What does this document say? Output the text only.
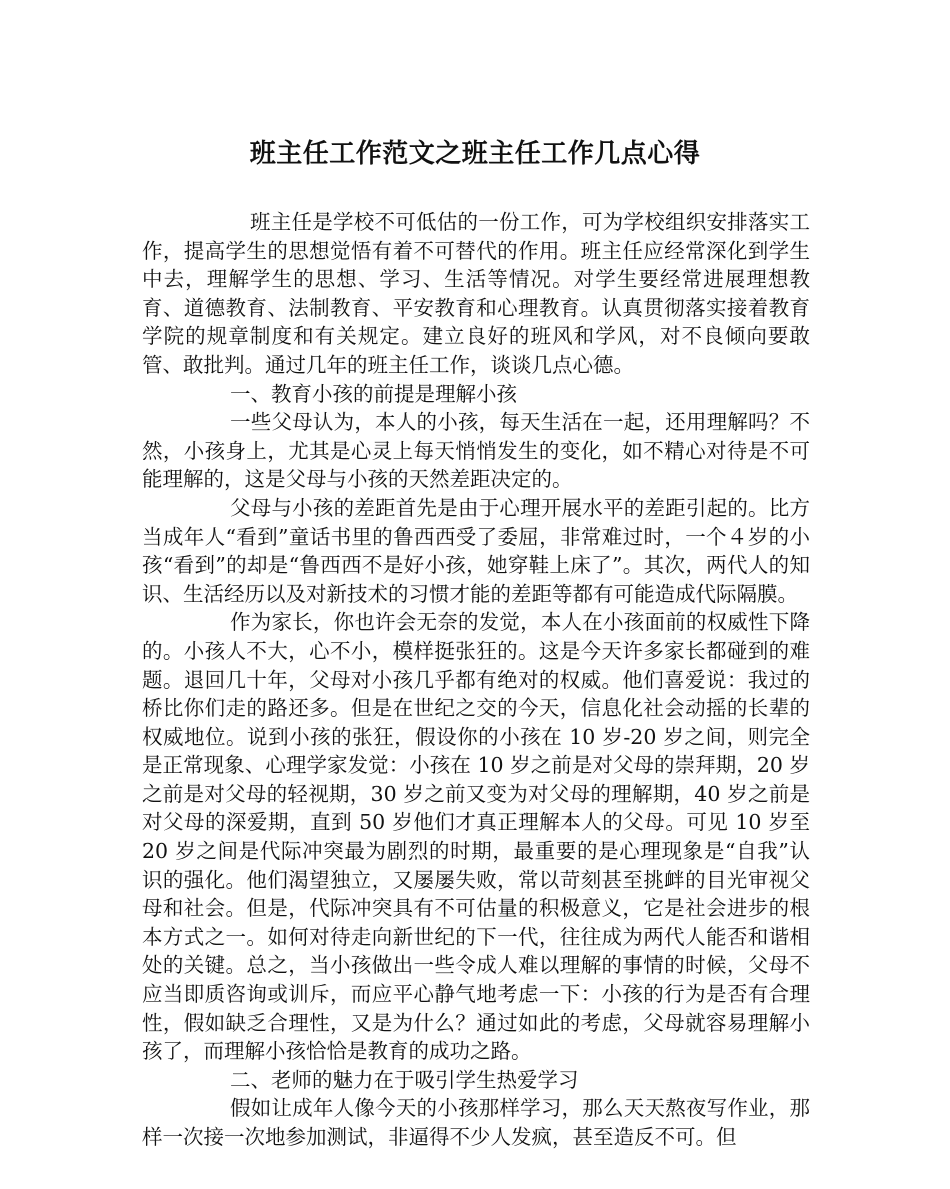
班主任工作范文之班主任工作几点心得

班主任是学校不可低估的一份工作，可为学校组织安排落实工作，提高学生的思想觉悟有着不可替代的作用。班主任应经常深化到学生中去，理解学生的思想、学习、生活等情况。对学生要经常进展理想教育、道德教育、法制教育、平安教育和心理教育。认真贯彻落实接着教育学院的规章制度和有关规定。建立良好的班风和学风，对不良倾向要敢管、敢批判。通过几年的班主任工作，谈谈几点心德。

一、教育小孩的前提是理解小孩

一些父母认为，本人的小孩，每天生活在一起，还用理解吗？不然，小孩身上，尤其是心灵上每天悄悄发生的变化，如不精心对待是不可能理解的，这是父母与小孩的天然差距决定的。

父母与小孩的差距首先是由于心理开展水平的差距引起的。比方当成年人“看到”童话书里的鲁西西受了委屈，非常难过时，一个４岁的小孩“看到”的却是“鲁西西不是好小孩，她穿鞋上床了”。其次，两代人的知识、生活经历以及对新技术的习惯才能的差距等都有可能造成代际隔膜。

作为家长，你也许会无奈的发觉，本人在小孩面前的权威性下降的。小孩人不大，心不小，模样挺张狂的。这是今天许多家长都碰到的难题。退回几十年，父母对小孩几乎都有绝对的权威。他们喜爱说：我过的桥比你们走的路还多。但是在世纪之交的今天，信息化社会动摇的长辈的权威地位。说到小孩的张狂，假设你的小孩在 10 岁-20 岁之间，则完全是正常现象、心理学家发觉：小孩在 10 岁之前是对父母的崇拜期，20 岁之前是对父母的轻视期，30 岁之前又变为对父母的理解期，40 岁之前是对父母的深爱期，直到 50 岁他们才真正理解本人的父母。可见 10 岁至 20 岁之间是代际冲突最为剧烈的时期，最重要的是心理现象是“自我”认识的强化。他们渴望独立，又屡屡失败，常以苛刻甚至挑衅的目光审视父母和社会。但是，代际冲突具有不可估量的积极意义，它是社会进步的根本方式之一。如何对待走向新世纪的下一代，往往成为两代人能否和谐相处的关键。总之，当小孩做出一些令成人难以理解的事情的时候，父母不应当即质咨询或训斥，而应平心静气地考虑一下：小孩的行为是否有合理性，假如缺乏合理性，又是为什么？通过如此的考虑，父母就容易理解小孩了，而理解小孩恰恰是教育的成功之路。

二、老师的魅力在于吸引学生热爱学习

假如让成年人像今天的小孩那样学习，那么天天熬夜写作业，那样一次接一次地参加测试，非逼得不少人发疯，甚至造反不可。但
